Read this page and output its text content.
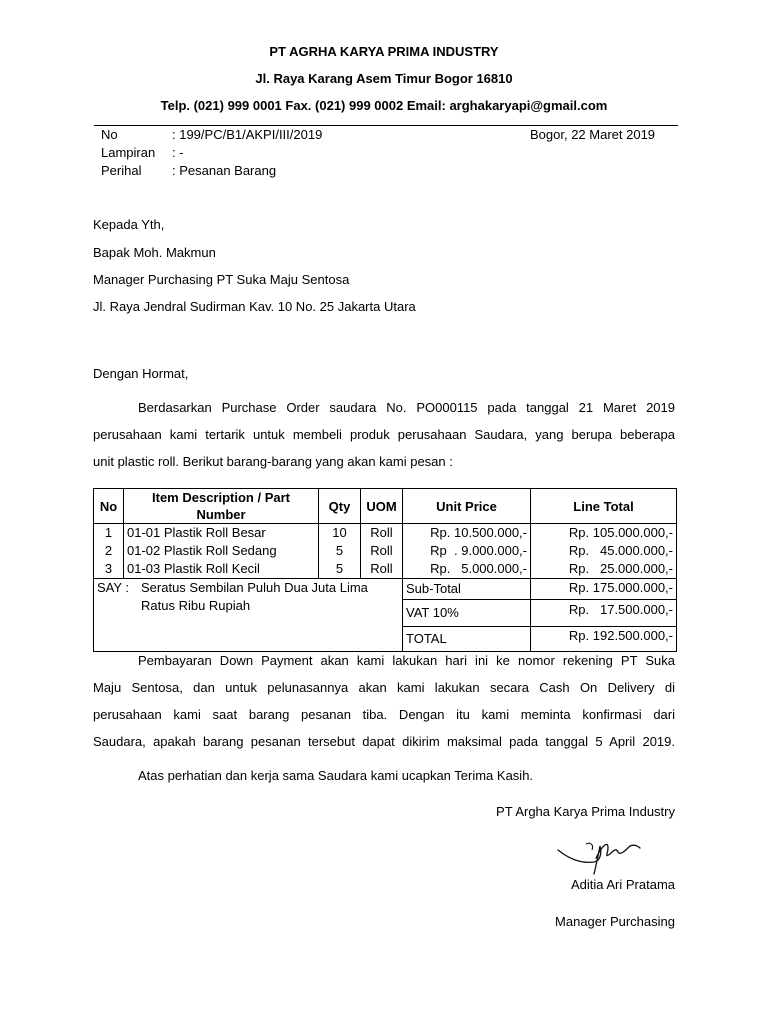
PT AGRHA KARYA PRIMA INDUSTRY
Jl. Raya Karang Asem Timur Bogor 16810
Telp. (021) 999 0001 Fax. (021) 999 0002 Email: arghakaryapi@gmail.com
No	: 199/PC/B1/AKPI/III/2019	Bogor, 22 Maret 2019
Lampiran : -
Perihal : Pesanan Barang
Kepada Yth,
Bapak Moh. Makmun
Manager Purchasing PT Suka Maju Sentosa
Jl. Raya Jendral Sudirman Kav. 10 No. 25 Jakarta Utara
Dengan Hormat,
Berdasarkan Purchase Order saudara No. PO000115 pada tanggal 21 Maret 2019
perusahaan kami tertarik untuk membeli produk perusahaan Saudara, yang berupa beberapa
unit plastic roll. Berikut barang-barang yang akan kami pesan :
No	Item Description / Part Number	Qty	UOM	Unit Price	Line Total
1	01-01 Plastik Roll Besar	10	Roll	Rp. 10.500.000,-	Rp. 105.000.000,-
2	01-02 Plastik Roll Sedang	5	Roll	Rp  . 9.000.000,-	Rp.   45.000.000,-
3	01-03 Plastik Roll Kecil	5	Roll	Rp.   5.000.000,-	Rp.   25.000.000,-

SAY : Seratus Sembilan Puluh Dua Juta Lima
Ratus Ribu Rupiah				Sub-Total	Rp. 175.000.000,-
				VAT 10%	Rp.   17.500.000,-
				TOTAL	Rp. 192.500.000,-
Pembayaran Down Payment akan kami lakukan hari ini ke nomor rekening PT Suka
Maju Sentosa, dan untuk pelunasannya akan kami lakukan secara Cash On Delivery di
perusahaan kami saat barang pesanan tiba. Dengan itu kami meminta konfirmasi dari
Saudara, apakah barang pesanan tersebut dapat dikirim maksimal pada tanggal 5 April 2019.
Atas perhatian dan kerja sama Saudara kami ucapkan Terima Kasih.
PT Argha Karya Prima Industry
Aditia Ari Pratama
Manager Purchasing
